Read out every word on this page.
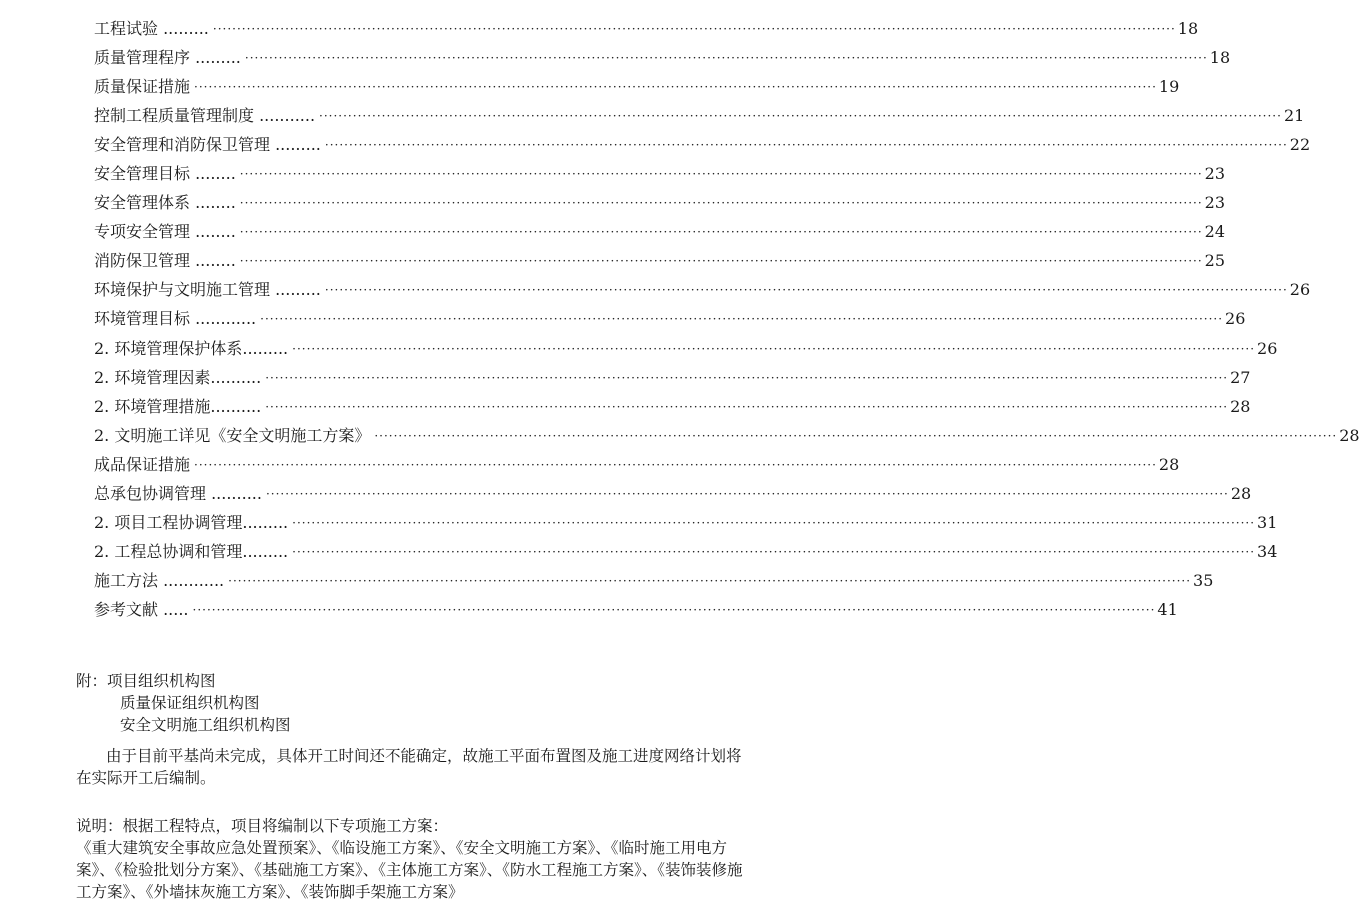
工程试验 ......... ········································································································································································································ 18
质量管理程序 ......... ········································································································································································································ 18
质量保证措施 ········································································································································································································ 19
控制工程质量管理制度 ........... ········································································································································································································ 21
安全管理和消防保卫管理 ......... ········································································································································································································ 22
安全管理目标 ........ ········································································································································································································ 23
安全管理体系 ........ ········································································································································································································ 23
专项安全管理 ........ ········································································································································································································ 24
消防保卫管理 ........ ········································································································································································································ 25
环境保护与文明施工管理 ......... ········································································································································································································ 26
环境管理目标 ............ ········································································································································································································ 26
2. 环境管理保护体系......... ········································································································································································································ 26
2. 环境管理因素.......... ········································································································································································································ 27
2. 环境管理措施.......... ········································································································································································································ 28
2. 文明施工详见《安全文明施工方案》 ········································································································································································································ 28
成品保证措施 ········································································································································································································ 28
总承包协调管理 .......... ········································································································································································································ 28
2. 项目工程协调管理......... ········································································································································································································ 31
2. 工程总协调和管理......... ········································································································································································································ 34
施工方法 ............ ········································································································································································································ 35
参考文献 ..... ········································································································································································································ 41
附：项目组织机构图
质量保证组织机构图
安全文明施工组织机构图
由于目前平基尚未完成，具体开工时间还不能确定，故施工平面布置图及施工进度网络计划将在实际开工后编制。
说明：根据工程特点，项目将编制以下专项施工方案：
《重大建筑安全事故应急处置预案》、《临设施工方案》、《安全文明施工方案》、《临时施工用电方案》、《检验批划分方案》、《基础施工方案》、《主体施工方案》、《防水工程施工方案》、《装饰装修施工方案》、《外墙抹灰施工方案》、《装饰脚手架施工方案》
